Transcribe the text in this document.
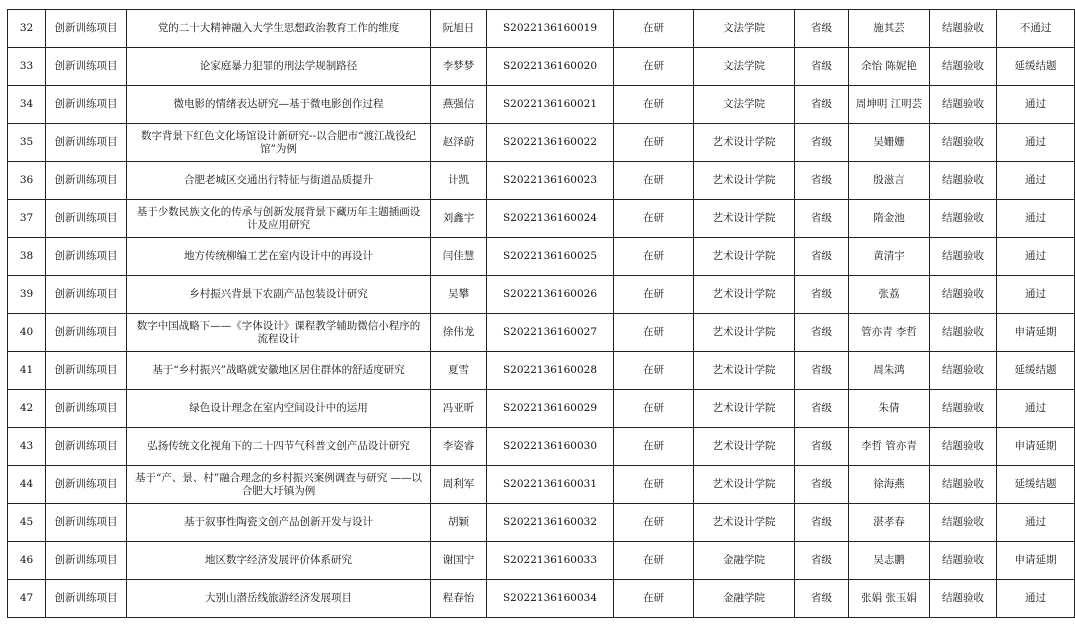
32	创新训练项目	党的二十大精神融入大学生思想政治教育工作的维度	阮旭日	S2022136160019	在研	文法学院	省级	施其芸	结题验收	不通过
33	创新训练项目	论家庭暴力犯罪的刑法学规制路径	李梦梦	S2022136160020	在研	文法学院	省级	余怡 陈妮艳	结题验收	延缓结题
34	创新训练项目	微电影的情绪表达研究—基于微电影创作过程	燕强信	S2022136160021	在研	文法学院	省级	周坤明 江明芸	结题验收	通过
35	创新训练项目	数字背景下红色文化场馆设计新研究--以合肥市“渡江战役纪馆”为例	赵泽蔚	S2022136160022	在研	艺术设计学院	省级	吴姗姗	结题验收	通过
36	创新训练项目	合肥老城区交通出行特征与街道品质提升	计凯	S2022136160023	在研	艺术设计学院	省级	殷滋言	结题验收	通过
37	创新训练项目	基于少数民族文化的传承与创新发展背景下藏历年主题插画设计及应用研究	刘鑫宇	S2022136160024	在研	艺术设计学院	省级	隋金池	结题验收	通过
38	创新训练项目	地方传统柳编工艺在室内设计中的再设计	闫佳慧	S2022136160025	在研	艺术设计学院	省级	黄清宇	结题验收	通过
39	创新训练项目	乡村振兴背景下农副产品包装设计研究	吴攀	S2022136160026	在研	艺术设计学院	省级	张荔	结题验收	通过
40	创新训练项目	数字中国战略下——《字体设计》课程教学辅助微信小程序的流程设计	徐伟龙	S2022136160027	在研	艺术设计学院	省级	管亦青 李哲	结题验收	申请延期
41	创新训练项目	基于“乡村振兴”战略就安徽地区居住群体的舒适度研究	夏雪	S2022136160028	在研	艺术设计学院	省级	周朱鸿	结题验收	延缓结题
42	创新训练项目	绿色设计理念在室内空间设计中的运用	冯亚昕	S2022136160029	在研	艺术设计学院	省级	朱倩	结题验收	通过
43	创新训练项目	弘扬传统文化视角下的二十四节气科普文创产品设计研究	李姿睿	S2022136160030	在研	艺术设计学院	省级	李哲 管亦青	结题验收	申请延期
44	创新训练项目	基于“产、景、村”融合理念的乡村振兴案例调查与研究 ——以合肥大圩镇为例	周利军	S2022136160031	在研	艺术设计学院	省级	徐海燕	结题验收	延缓结题
45	创新训练项目	基于叙事性陶瓷文创产品创新开发与设计	胡颖	S2022136160032	在研	艺术设计学院	省级	湛孝春	结题验收	通过
46	创新训练项目	地区数字经济发展评价体系研究	谢国宁	S2022136160033	在研	金融学院	省级	吴志鹏	结题验收	申请延期
47	创新训练项目	大别山潜岳线旅游经济发展项目	程春怡	S2022136160034	在研	金融学院	省级	张娟 张玉娟	结题验收	通过
